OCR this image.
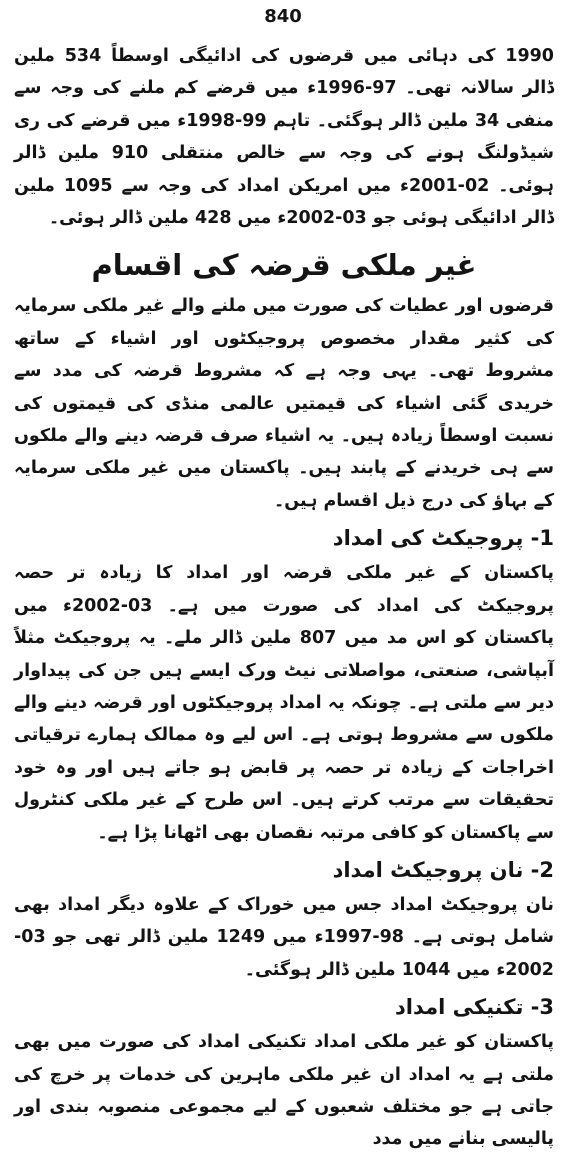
840

1990 کی دہائی میں قرضوں کی ادائیگی اوسطاً 534 ملین ڈالر سالانہ تھی۔ 97-1996ء میں قرضے کم ملنے کی وجہ سے منفی 34 ملین ڈالر ہوگئی۔ تاہم 99-1998ء میں قرضے کی ری شیڈولنگ ہونے کی وجہ سے خالص منتقلی 910 ملین ڈالر ہوئی۔ 02-2001ء میں امریکن امداد کی وجہ سے 1095 ملین ڈالر ادائیگی ہوئی جو 03-2002ء میں 428 ملین ڈالر ہوئی۔

غیر ملکی قرضہ کی اقسام

قرضوں اور عطیات کی صورت میں ملنے والے غیر ملکی سرمایہ کی کثیر مقدار مخصوص پروجیکٹوں اور اشیاء کے ساتھ مشروط تھی۔ یہی وجہ ہے کہ مشروط قرضہ کی مدد سے خریدی گئی اشیاء کی قیمتیں عالمی منڈی کی قیمتوں کی نسبت اوسطاً زیادہ ہیں۔ یہ اشیاء صرف قرضہ دینے والے ملکوں سے ہی خریدنے کے پابند ہیں۔ پاکستان میں غیر ملکی سرمایہ کے بہاؤ کی درج ذیل اقسام ہیں۔

1- پروجیکٹ کی امداد

پاکستان کے غیر ملکی قرضہ اور امداد کا زیادہ تر حصہ پروجیکٹ کی امداد کی صورت میں ہے۔ 03-2002ء میں پاکستان کو اس مد میں 807 ملین ڈالر ملے۔ یہ پروجیکٹ مثلاً آبپاشی، صنعتی، مواصلاتی نیٹ ورک ایسے ہیں جن کی پیداوار دیر سے ملتی ہے۔ چونکہ یہ امداد پروجیکٹوں اور قرضہ دینے والے ملکوں سے مشروط ہوتی ہے۔ اس لیے وہ ممالک ہمارے ترقیاتی اخراجات کے زیادہ تر حصہ پر قابض ہو جاتے ہیں اور وہ خود تحقیقات سے مرتب کرتے ہیں۔ اس طرح کے غیر ملکی کنٹرول سے پاکستان کو کافی مرتبہ نقصان بھی اٹھانا پڑا ہے۔

2- نان پروجیکٹ امداد

نان پروجیکٹ امداد جس میں خوراک کے علاوہ دیگر امداد بھی شامل ہوتی ہے۔ 98-1997ء میں 1249 ملین ڈالر تھی جو 03-2002ء میں 1044 ملین ڈالر ہوگئی۔

3- تکنیکی امداد

پاکستان کو غیر ملکی امداد تکنیکی امداد کی صورت میں بھی ملتی ہے یہ امداد ان غیر ملکی ماہرین کی خدمات پر خرچ کی جاتی ہے جو مختلف شعبوں کے لیے مجموعی منصوبہ بندی اور پالیسی بنانے میں مدد
